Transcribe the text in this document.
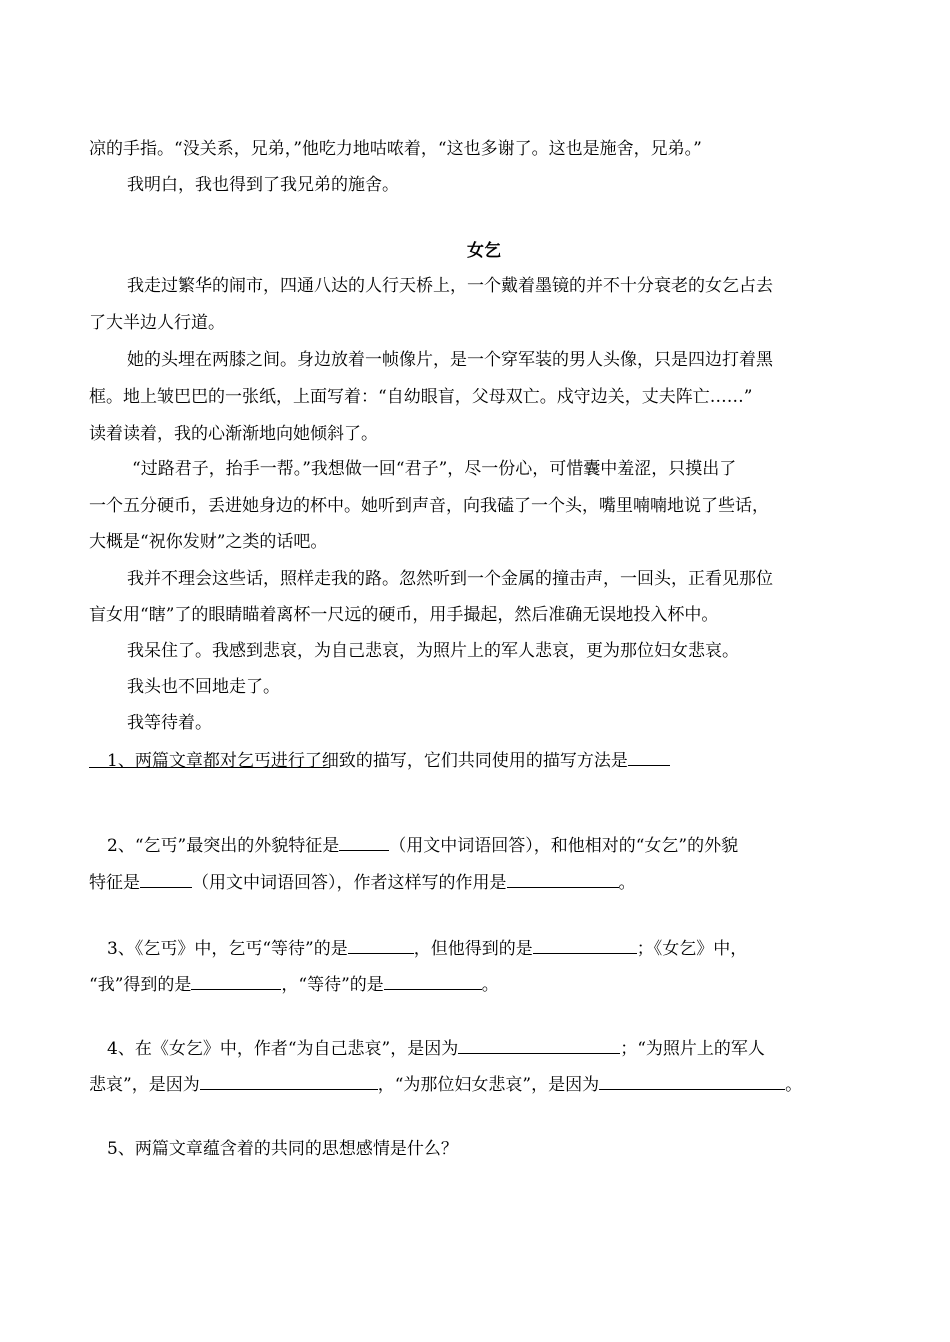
凉的手指。“没关系，兄弟，”他吃力地咕哝着，“这也多谢了。这也是施舍，兄弟。”
我明白，我也得到了我兄弟的施舍。
女乞
我走过繁华的闹市，四通八达的人行天桥上，一个戴着墨镜的并不十分衰老的女乞占去
了大半边人行道。
她的头埋在两膝之间。身边放着一帧像片，是一个穿军装的男人头像，只是四边打着黑
框。地上皱巴巴的一张纸，上面写着：“自幼眼盲，父母双亡。戍守边关，丈夫阵亡……”
读着读着，我的心渐渐地向她倾斜了。
“过路君子，抬手一帮。”我想做一回“君子”，尽一份心，可惜囊中羞涩，只摸出了
一个五分硬币，丢进她身边的杯中。她听到声音，向我磕了一个头，嘴里喃喃地说了些话，
大概是“祝你发财”之类的话吧。
我并不理会这些话，照样走我的路。忽然听到一个金属的撞击声，一回头，正看见那位
盲女用“瞎”了的眼睛瞄着离杯一尺远的硬币，用手撮起，然后准确无误地投入杯中。
我呆住了。我感到悲哀，为自己悲哀，为照片上的军人悲哀，更为那位妇女悲哀。
我头也不回地走了。
我等待着。
1、两篇文章都对乞丐进行了细致的描写，它们共同使用的描写方法是
2、“乞丐”最突出的外貌特征是	（用文中词语回答），和他相对的“女乞”的外貌
特征是	（用文中词语回答），作者这样写的作用是	。
3、《乞丐》中，乞丐“等待”的是	，但他得到的是	；《女乞》中，
“我”得到的是	，“等待”的是	。
4、在《女乞》中，作者“为自己悲哀”，是因为	；“为照片上的军人
悲哀”，是因为	，“为那位妇女悲哀”，是因为	。
5、两篇文章蕴含着的共同的思想感情是什么？
